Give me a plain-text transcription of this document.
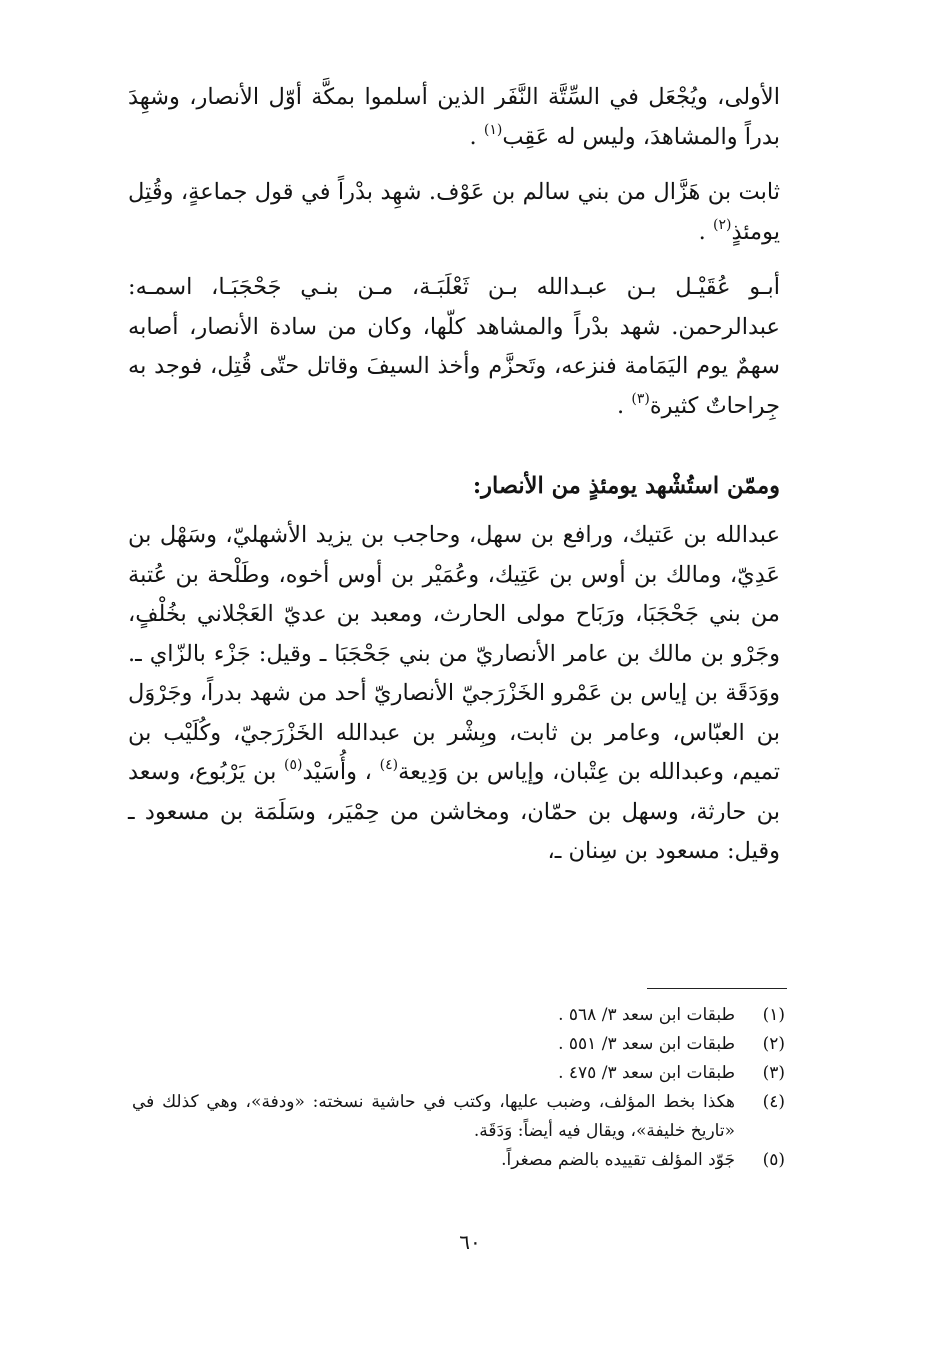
الأولى، ويُجْعَل في السِّتَّة النَّفَر الذين أسلموا بمكَّة أوّل الأنصار، وشهِدَ بدراً والمشاهدَ، وليس له عَقِب$^{(١)}$ .

ثابت بن هَزَّال من بني سالم بن عَوْف. شهِد بدْراً في قول جماعةٍ، وقُتِل يومئذٍ$^{(٢)}$ .

أبـو عُقَيْـل بـن عبـدالله بـن ثَعْلَبَـة، مـن بنـي جَحْجَبَـا، اسمـه: عبدالرحمن. شهد بدْراً والمشاهد كلّها، وكان من سادة الأنصار، أصابه سهمٌ يوم اليَمَامة فنزعه، وتَحزَّم وأخذ السيفَ وقاتل حتّى قُتِل، فوجد به جِراحاتٌ كثيرة$^{(٣)}$ .

وممّن استُشْهد يومئذٍ من الأنصار:

عبدالله بن عَتيك، ورافع بن سهل، وحاجب بن يزيد الأشهليّ، وسَهْل بن عَدِيّ، ومالك بن أوس بن عَتِيك، وعُمَيْر بن أوس أخوه، وطَلْحة بن عُتبة من بني جَحْجَبَا، ورَبَاح مولى الحارث، ومعبد بن عديّ العَجْلاني بخُلْفٍ، وجَرْو بن مالك بن عامر الأنصاريّ من بني جَحْجَبَا ـ وقيل: جَزْء بالزّاي ـ. ووَدَقَة بن إياس بن عَمْرو الخَزْرَجيّ الأنصاريّ أحد من شهد بدراً، وجَرْوَل بن العبّاس، وعامر بن ثابت، وبِشْر بن عبدالله الخَزْرَجيّ، وكُلَيْب بن تميم، وعبدالله بن عِتْبان، وإياس بن وَدِيعة$^{(٤)}$ ، وأُسَيْد$^{(٥)}$ بن يَرْبُوع، وسعد بن حارثة، وسهل بن حمّان، ومخاشن من حِمْيَر، وسَلَمَة بن مسعود ـ وقيل: مسعود بن سِنان ـ،

(١)
طبقات ابن سعد ٣/ ٥٦٨ .
(٢)
طبقات ابن سعد ٣/ ٥٥١ .
(٣)
طبقات ابن سعد ٣/ ٤٧٥ .
(٤)
هكذا بخط المؤلف، وضبب عليها، وكتب في حاشية نسخته: «ودفة»، وهي كذلك في «تاريخ خليفة»، ويقال فيه أيضاً: وَدَقَة.
(٥)
جَوّد المؤلف تقييده بالضم مصغراً.
٦٠
